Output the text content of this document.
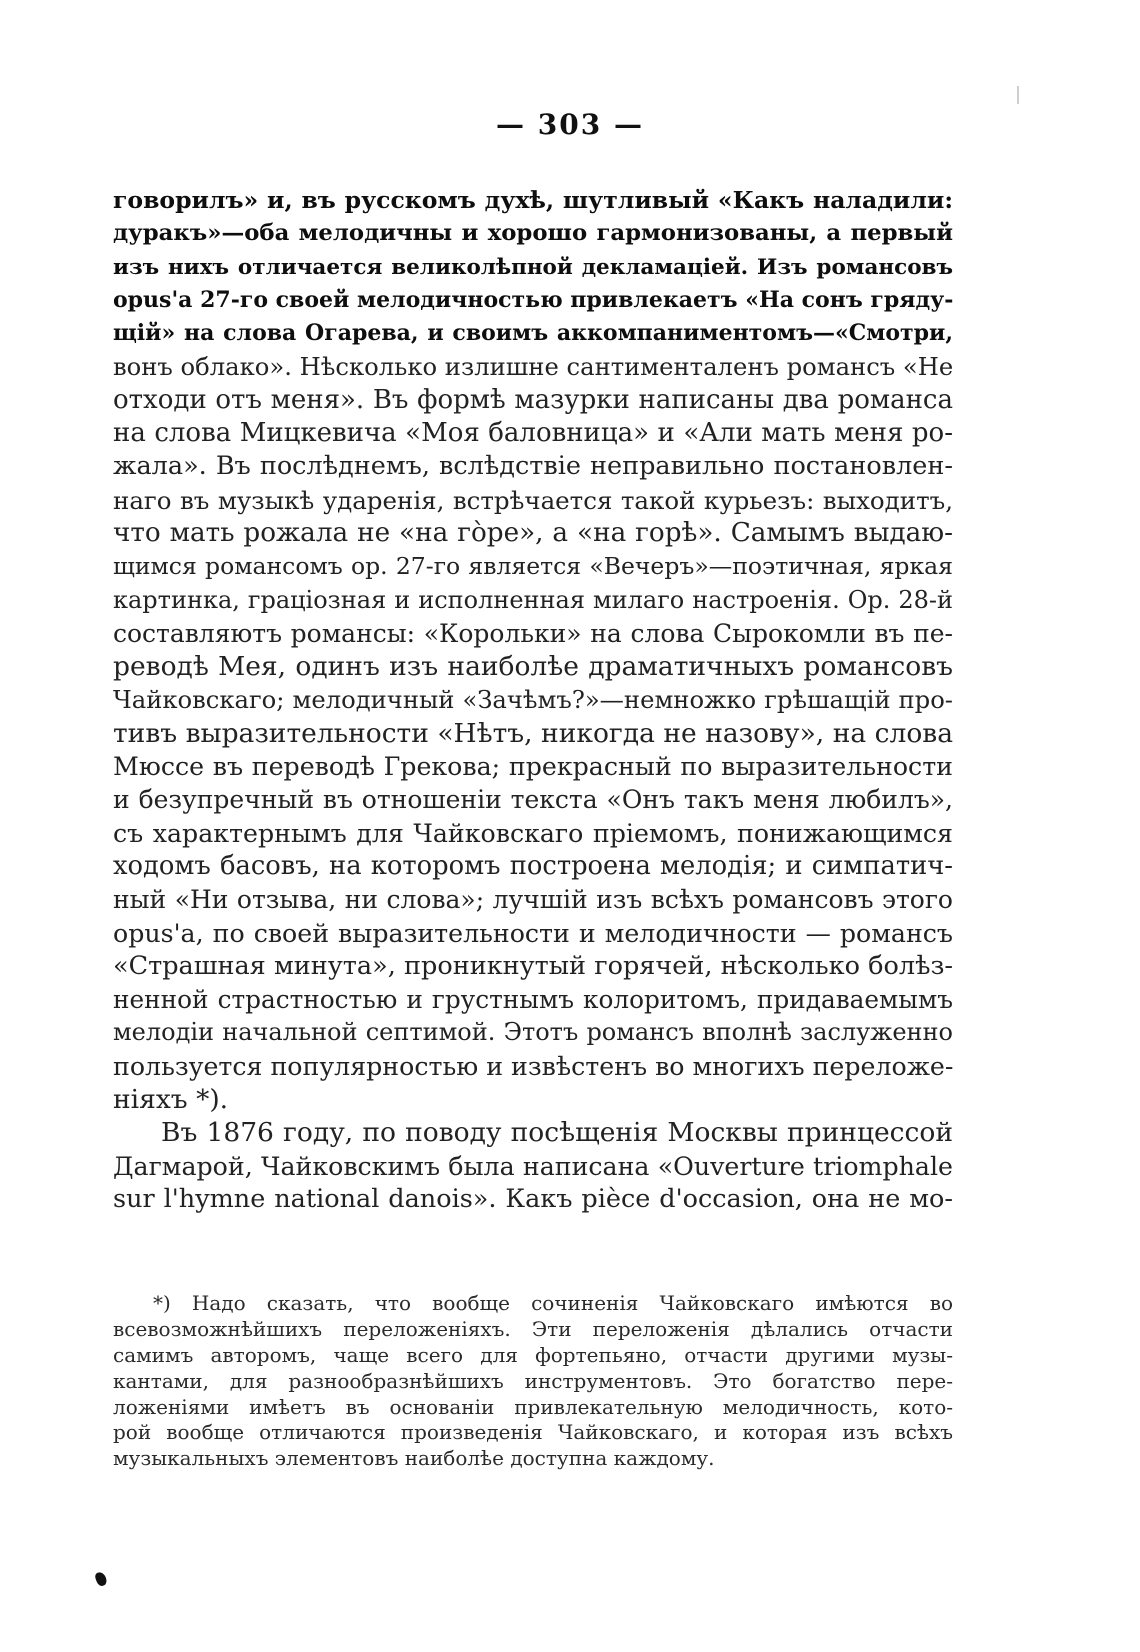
— 303 —
говорилъ» и, въ русскомъ духѣ, шутливый «Какъ наладили:
дуракъ»—оба мелодичны и хорошо гармонизованы, а первый
изъ нихъ отличается великолѣпной декламацiей. Изъ романсовъ
opus'а 27-го своей мелодичностью привлекаетъ «На сонъ гряду-
щiй» на слова Огарева, и своимъ аккомпаниментомъ—«Смотри,
вонъ облако». Нѣсколько излишне сантименталенъ романсъ «Не
отходи отъ меня». Въ формѣ мазурки написаны два романса
на слова Мицкевича «Моя баловница» и «Али мать меня ро-
жала». Въ послѣднемъ, вслѣдствiе неправильно постановлен-
наго въ музыкѣ ударенiя, встрѣчается такой курьезъ: выходитъ,
что мать рожала не «на гòре», а «на горѣ». Самымъ выдаю-
щимся романсомъ ор. 27-го является «Вечеръ»—поэтичная, яркая
картинка, грацiозная и исполненная милаго настроенiя. Ор. 28-й
составляютъ романсы: «Корольки» на слова Сырокомли въ пе-
реводѣ Мея, одинъ изъ наиболѣе драматичныхъ романсовъ
Чайковскаго; мелодичный «Зачѣмъ?»—немножко грѣшащiй про-
тивъ выразительности «Нѣтъ, никогда не назову», на слова
Мюссе въ переводѣ Грекова; прекрасный по выразительности
и безупречный въ отношенiи текста «Онъ такъ меня любилъ»,
съ характернымъ для Чайковскаго прiемомъ, понижающимся
ходомъ басовъ, на которомъ построена мелодiя; и симпатич-
ный «Ни отзыва, ни слова»; лучшiй изъ всѣхъ романсовъ этого
opus'а, по своей выразительности и мелодичности — романсъ
«Страшная минута», проникнутый горячей, нѣсколько болѣз-
ненной страстностью и грустнымъ колоритомъ, придаваемымъ
мелодiи начальной септимой. Этотъ романсъ вполнѣ заслуженно
пользуется популярностью и извѣстенъ во многихъ переложе-
нiяхъ *).
Въ 1876 году, по поводу посѣщенiя Москвы принцессой
Дагмарой, Чайковскимъ была написана «Ouverture triomphale
sur l'hymne national danois». Какъ pièce d'occasion, она не мо-
*) Надо сказать, что вообще сочиненiя Чайковскаго имѣются во
всевозможнѣйшихъ переложенiяхъ. Эти переложенiя дѣлались отчасти
самимъ авторомъ, чаще всего для фортепьяно, отчасти другими музы-
кантами, для разнообразнѣйшихъ инструментовъ. Это богатство пере-
ложенiями имѣетъ въ основанiи привлекательную мелодичность, кото-
рой вообще отличаются произведенiя Чайковскаго, и которая изъ всѣхъ
музыкальныхъ элементовъ наиболѣе доступна каждому.
